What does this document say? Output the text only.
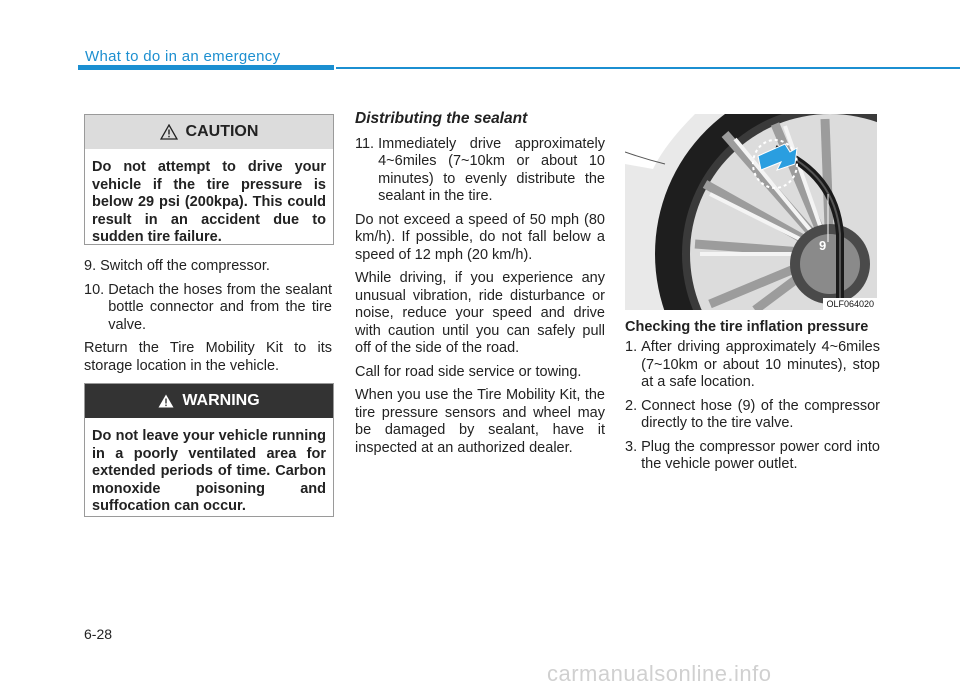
What to do in an emergency
CAUTION
Do not attempt to drive your vehicle if the tire pressure is below 29 psi (200kpa). This could result in an accident due to sudden tire failure.

9. Switch off the compressor.

10. Detach the hoses from the sealant bottle connector and from the tire valve.

Return the Tire Mobility Kit to its storage location in the vehicle.

WARNING
Do not leave your vehicle running in a poorly ventilated area for extended periods of time. Carbon monoxide poisoning and suffocation can occur.
Distributing the sealant
11. Immediately drive approximately 4~6miles (7~10km or about 10 minutes) to evenly distribute the sealant in the tire.

Do not exceed a speed of 50 mph (80 km/h). If possible, do not fall below a speed of 12 mph (20 km/h).

While driving, if you experience any unusual vibration, ride disturbance or noise, reduce your speed and drive with caution until you can safely pull off of the side of the road.

Call for road side service or towing.

When you use the Tire Mobility Kit, the tire pressure sensors and wheel may be damaged by sealant, have it inspected at an authorized dealer.

9
OLF064020
Checking the tire inflation pressure
1. After driving approximately 4~6miles (7~10km or about 10 minutes), stop at a safe location.
2. Connect hose (9) of the compressor directly to the tire valve.
3. Plug the compressor power cord into the vehicle power outlet.
6-28
carmanualsonline.info
